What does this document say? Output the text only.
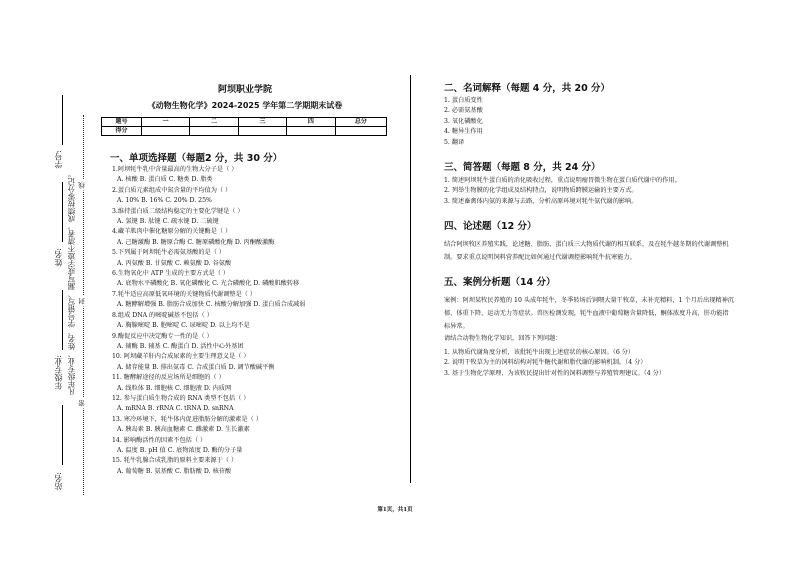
学号:
姓名:
年级专业:
站名:
凡年级专业、姓名、学号错写、漏写或字迹不清者，成绩按零分记。 线
封
密
阿坝职业学院
《动物生物化学》2024-2025 学年第二学期期末试卷
题号	一	二	三	四	总分
得分					
一、单项选择题（每题2 分，共 30 分）
1.阿坝牦牛乳中含量最高的生物大分子是（ ）
A. 核酸 B. 蛋白质 C. 糖类 D. 脂类
2.蛋白质元素组成中氮含量的平均值为（ ）
A. 10% B. 16% C. 20% D. 25%
3.维持蛋白质二级结构稳定的主要化学键是（ ）
A. 氢键 B. 肽键 C. 疏水键 D. 二硫键
4.藏羊肌肉中催化糖原分解的关键酶是（ ）
A. 己糖激酶 B. 糖原合酶 C. 糖原磷酸化酶 D. 丙酮酸激酶
5.下列属于阿坝牦牛必需氨基酸的是（ ）
A. 丙氨酸 B. 甘氨酸 C. 赖氨酸 D. 谷氨酸
6.生物氧化中 ATP 生成的主要方式是（ ）
A. 底物水平磷酸化 B. 氧化磷酸化 C. 光合磷酸化 D. 磷酸肌酸转移
7.牦牛适应高原低氧环境的关键物质代谢调整是（ ）
A. 糖酵解增强 B. 脂肪合成加快 C. 核酸分解加强 D. 蛋白质合成减弱
8.组成 DNA 的嘧啶碱基不包括（ ）
A. 胸腺嘧啶 B. 胞嘧啶 C. 尿嘧啶 D. 以上均不是
9.酶促反应中决定酶专一性的是（ ）
A. 辅酶 B. 辅基 C. 酶蛋白 D. 活性中心外基团
10. 阿坝藏羊肝内合成尿素的主要生理意义是（ ）
A. 储存能量 B. 排出氨毒 C. 合成蛋白质 D. 调节酸碱平衡
11. 糖酵解途径的反应场所是细胞的（ ）
A. 线粒体 B. 细胞核 C. 细胞液 D. 内质网
12. 参与蛋白质生物合成的 RNA 类型不包括（ ）
A. mRNA B. rRNA C. tRNA D. snRNA
13. 寒冷环境下，牦牛体内促进脂肪分解的激素是（ ）
A. 胰岛素 B. 胰高血糖素 C. 雌激素 D. 生长激素
14. 影响酶活性的因素不包括（ ）
A. 温度 B. pH 值 C. 底物浓度 D. 酶的分子量
15. 牦牛乳腺合成乳脂的原料主要来源于（ ）
A. 葡萄糖 B. 氨基酸 C. 脂肪酸 D. 核苷酸
二、名词解释（每题 4 分，共 20 分）
1. 蛋白质变性
2. 必需氨基酸
3. 氧化磷酸化
4. 糖异生作用
5. 翻译
三、简答题（每题 8 分，共 24 分）
1. 简述阿坝牦牛蛋白质的消化吸收过程，重点说明瘤胃微生物在蛋白质代谢中的作用。
2. 列举生物膜的化学组成及结构特点，说明物质跨膜运输的主要方式。
3. 简述畜禽体内氨的来源与去路，分析高原环境对牦牛氨代谢的影响。
四、论述题（12 分）
结合阿坝牧区养殖实践，论述糖、脂肪、蛋白质三大物质代谢的相互联系，及在牦牛越冬期的代谢调整机制。要求重点说明饲料营养配比如何通过代谢调控影响牦牛抗寒能力。
五、案例分析题（14 分）
案例：阿坝某牧民养殖的 10 头成年牦牛，冬季转场后饲喂大量干牧草，未补充精料，1 个月后出现精神沉郁、体重下降、运动无力等症状。兽医检测发现，牦牛血液中葡萄糖含量降低，酮体浓度升高，肝功能指标异常。
请结合动物生物化学知识，回答下列问题：
1. 从物质代谢角度分析，该批牦牛出现上述症状的核心原因。（6 分）
2. 说明干牧草为主的饲料结构对牦牛糖代谢和脂代谢的影响机制。（4 分）
3. 基于生物化学原理，为该牧民提出针对性的饲料调整与养殖管理建议。（4 分）
第1页，共1页
